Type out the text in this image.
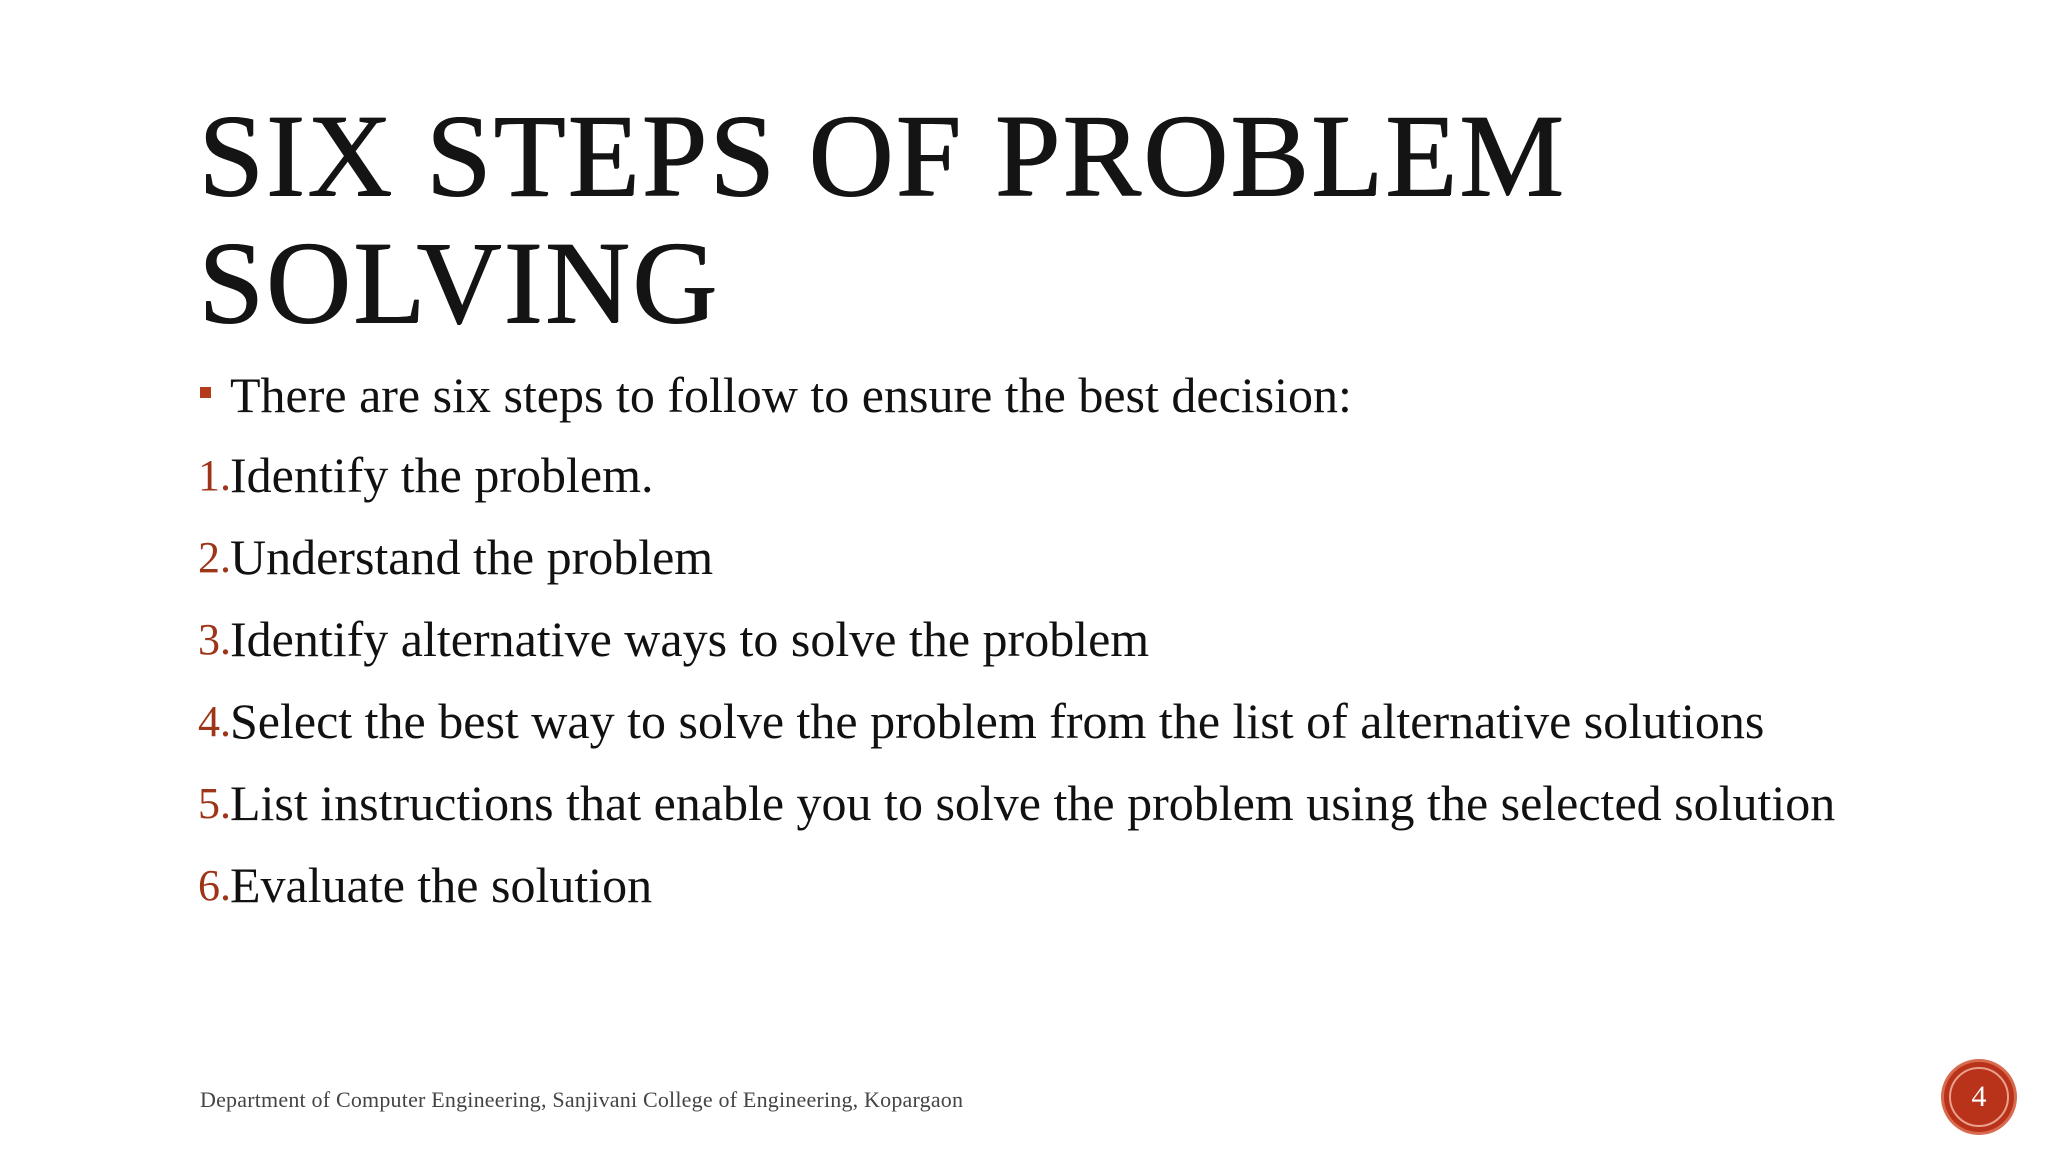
SIX STEPS OF PROBLEM
SOLVING
There are six steps to follow to ensure the best decision:
1. Identify the problem.
2. Understand the problem
3. Identify alternative ways to solve the problem
4. Select the best way to solve the problem from the list of alternative solutions
5. List instructions that enable you to solve the problem using the selected solution
6. Evaluate the solution
Department of Computer Engineering, Sanjivani College of Engineering, Kopargaon	4
